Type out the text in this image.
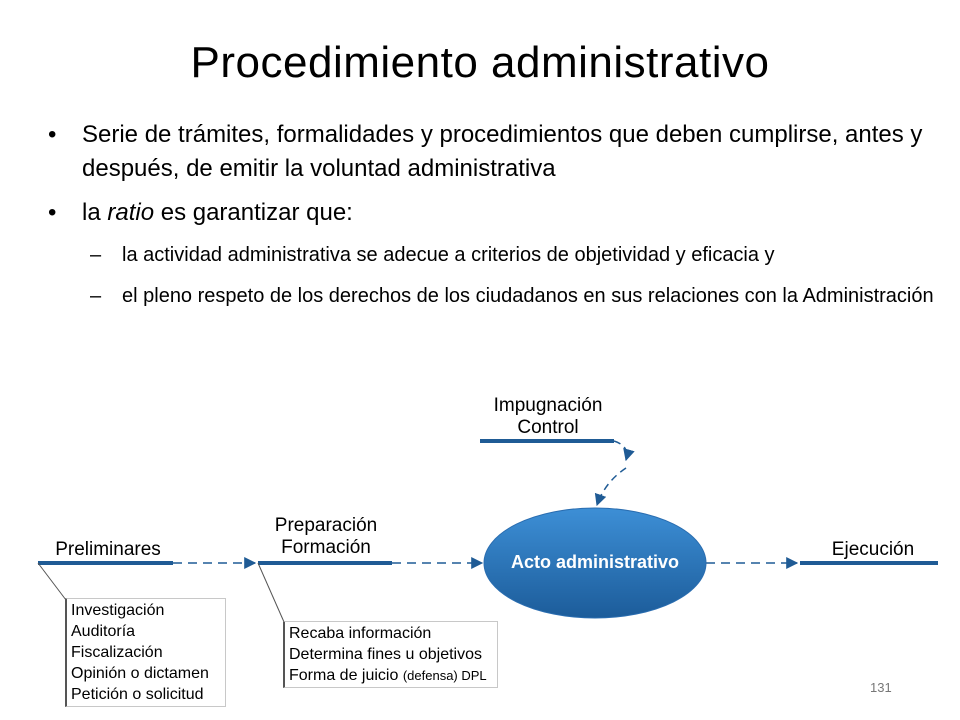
Procedimiento administrativo
• Serie de trámites, formalidades y procedimientos que deben cumplirse, antes y después, de emitir la voluntad administrativa
• la ratio es garantizar que:
– la actividad administrativa se adecue a criterios de objetividad y eficacia y
– el pleno respeto de los derechos de los ciudadanos en sus relaciones con la Administración
Impugnación
Control
Preliminares
Preparación
Formación	Ejecución
Acto administrativo
Investigación
Auditoría
Fiscalización
Opinión o dictamen
Petición o solicitud
Recaba información
Determina fines u objetivos
Forma de juicio (defensa) DPL
131
